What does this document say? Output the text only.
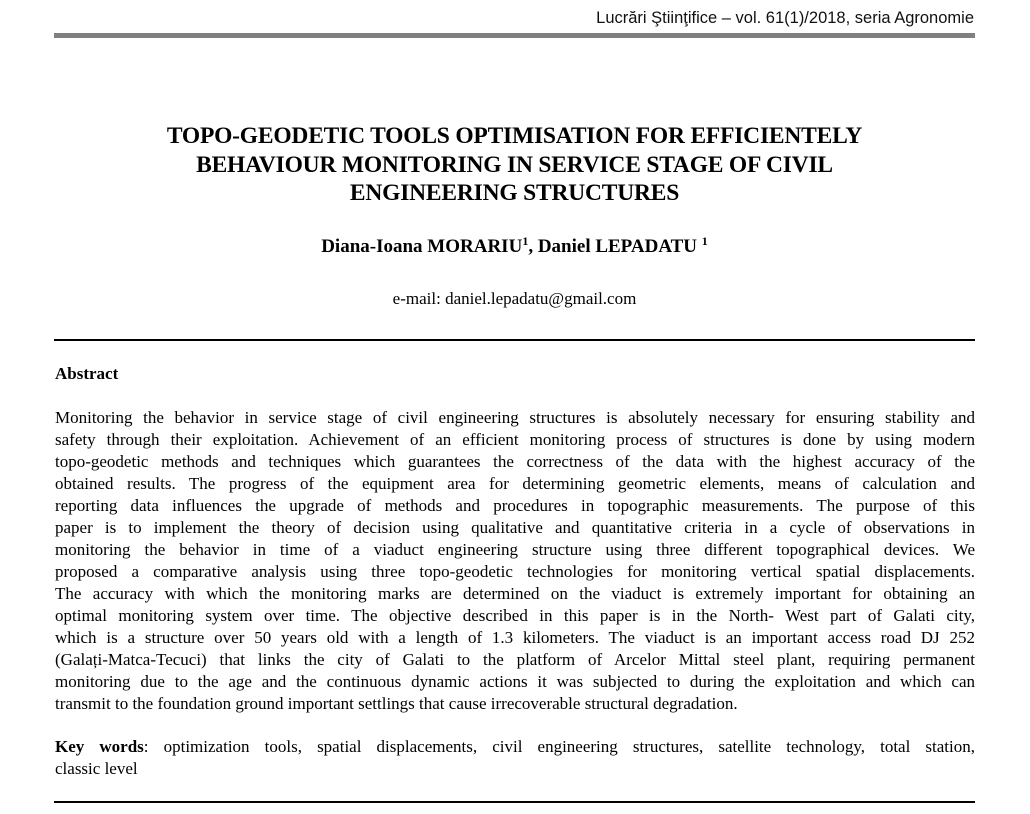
Lucrări Ştiinţifice – vol. 61(1)/2018, seria Agronomie
TOPO-GEODETIC TOOLS OPTIMISATION FOR EFFICIENTELY
BEHAVIOUR MONITORING IN SERVICE STAGE OF CIVIL
ENGINEERING STRUCTURES
Diana-Ioana MORARIU$^1$, Daniel LEPADATU $^1$
e-mail: daniel.lepadatu@gmail.com
Abstract
Monitoring the behavior in service stage of civil engineering structures is absolutely necessary for ensuring stability and
safety through their exploitation. Achievement of an efficient monitoring process of structures is done by using modern
topo-geodetic methods and techniques which guarantees the correctness of the data with the highest accuracy of the
obtained results. The progress of the equipment area for determining geometric elements, means of calculation and
reporting data influences the upgrade of methods and procedures in topographic measurements. The purpose of this
paper is to implement the theory of decision using qualitative and quantitative criteria in a cycle of observations in
monitoring the behavior in time of a viaduct engineering structure using three different topographical devices. We
proposed a comparative analysis using three topo-geodetic technologies for monitoring vertical spatial displacements.
The accuracy with which the monitoring marks are determined on the viaduct is extremely important for obtaining an
optimal monitoring system over time. The objective described in this paper is in the North- West part of Galati city,
which is a structure over 50 years old with a length of 1.3 kilometers. The viaduct is an important access road DJ 252
(Galați-Matca-Tecuci) that links the city of Galati to the platform of Arcelor Mittal steel plant, requiring permanent
monitoring due to the age and the continuous dynamic actions it was subjected to during the exploitation and which can
transmit to the foundation ground important settlings that cause irrecoverable structural degradation.
Key words: optimization tools, spatial displacements, civil engineering structures, satellite technology, total station,
classic level
